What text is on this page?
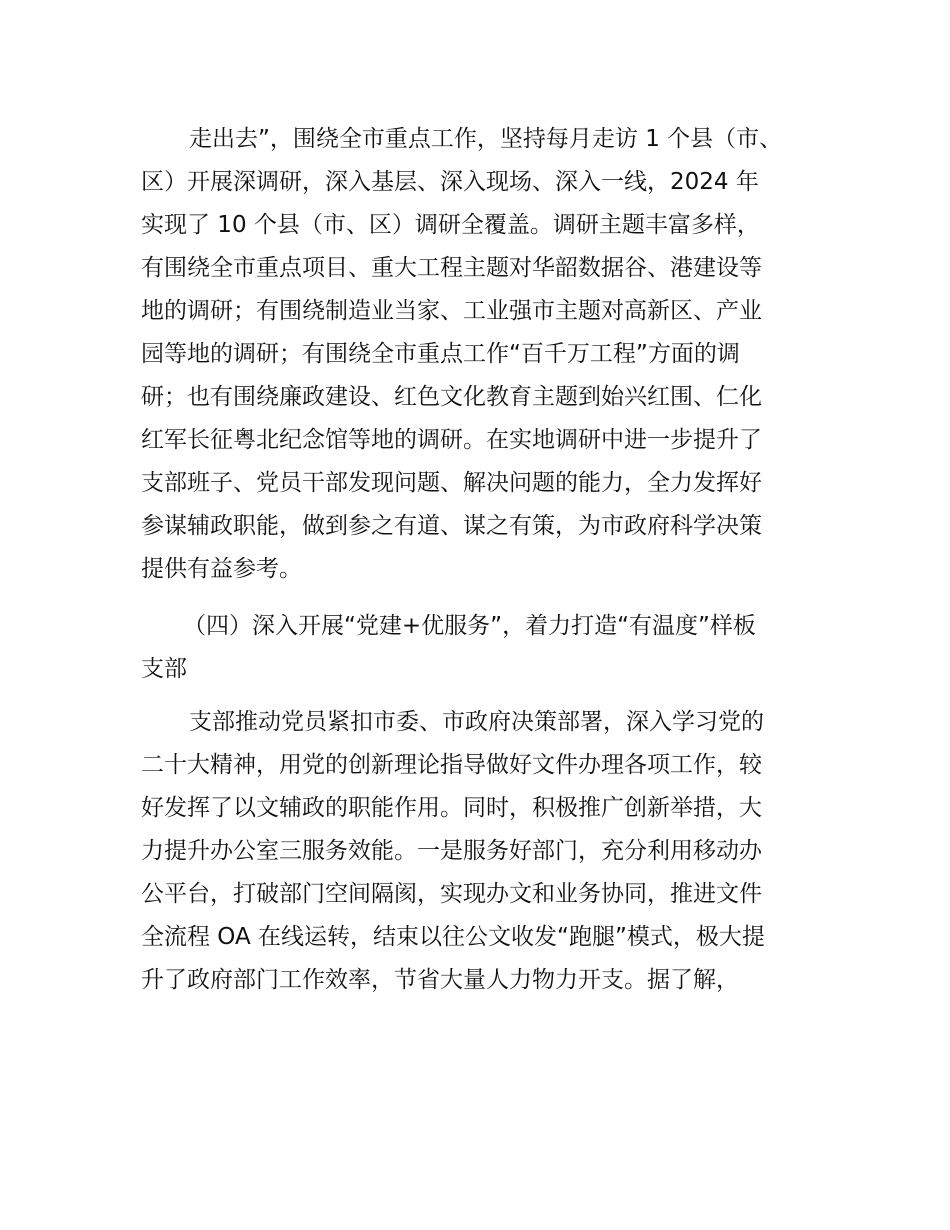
走出去”，围绕全市重点工作，坚持每月走访 1 个县（市、
区）开展深调研，深入基层、深入现场、深入一线，2024 年
实现了 10 个县（市、区）调研全覆盖。调研主题丰富多样，
有围绕全市重点项目、重大工程主题对华韶数据谷、港建设等
地的调研；有围绕制造业当家、工业强市主题对高新区、产业
园等地的调研；有围绕全市重点工作“百千万工程”方面的调
研；也有围绕廉政建设、红色文化教育主题到始兴红围、仁化
红军长征粤北纪念馆等地的调研。在实地调研中进一步提升了
支部班子、党员干部发现问题、解决问题的能力，全力发挥好
参谋辅政职能，做到参之有道、谋之有策，为市政府科学决策
提供有益参考。
（四）深入开展“党建+优服务”，着力打造“有温度”样板
支部
支部推动党员紧扣市委、市政府决策部署，深入学习党的
二十大精神，用党的创新理论指导做好文件办理各项工作，较
好发挥了以文辅政的职能作用。同时，积极推广创新举措，大
力提升办公室三服务效能。一是服务好部门，充分利用移动办
公平台，打破部门空间隔阂，实现办文和业务协同，推进文件
全流程 OA 在线运转，结束以往公文收发“跑腿”模式，极大提
升了政府部门工作效率，节省大量人力物力开支。据了解，
